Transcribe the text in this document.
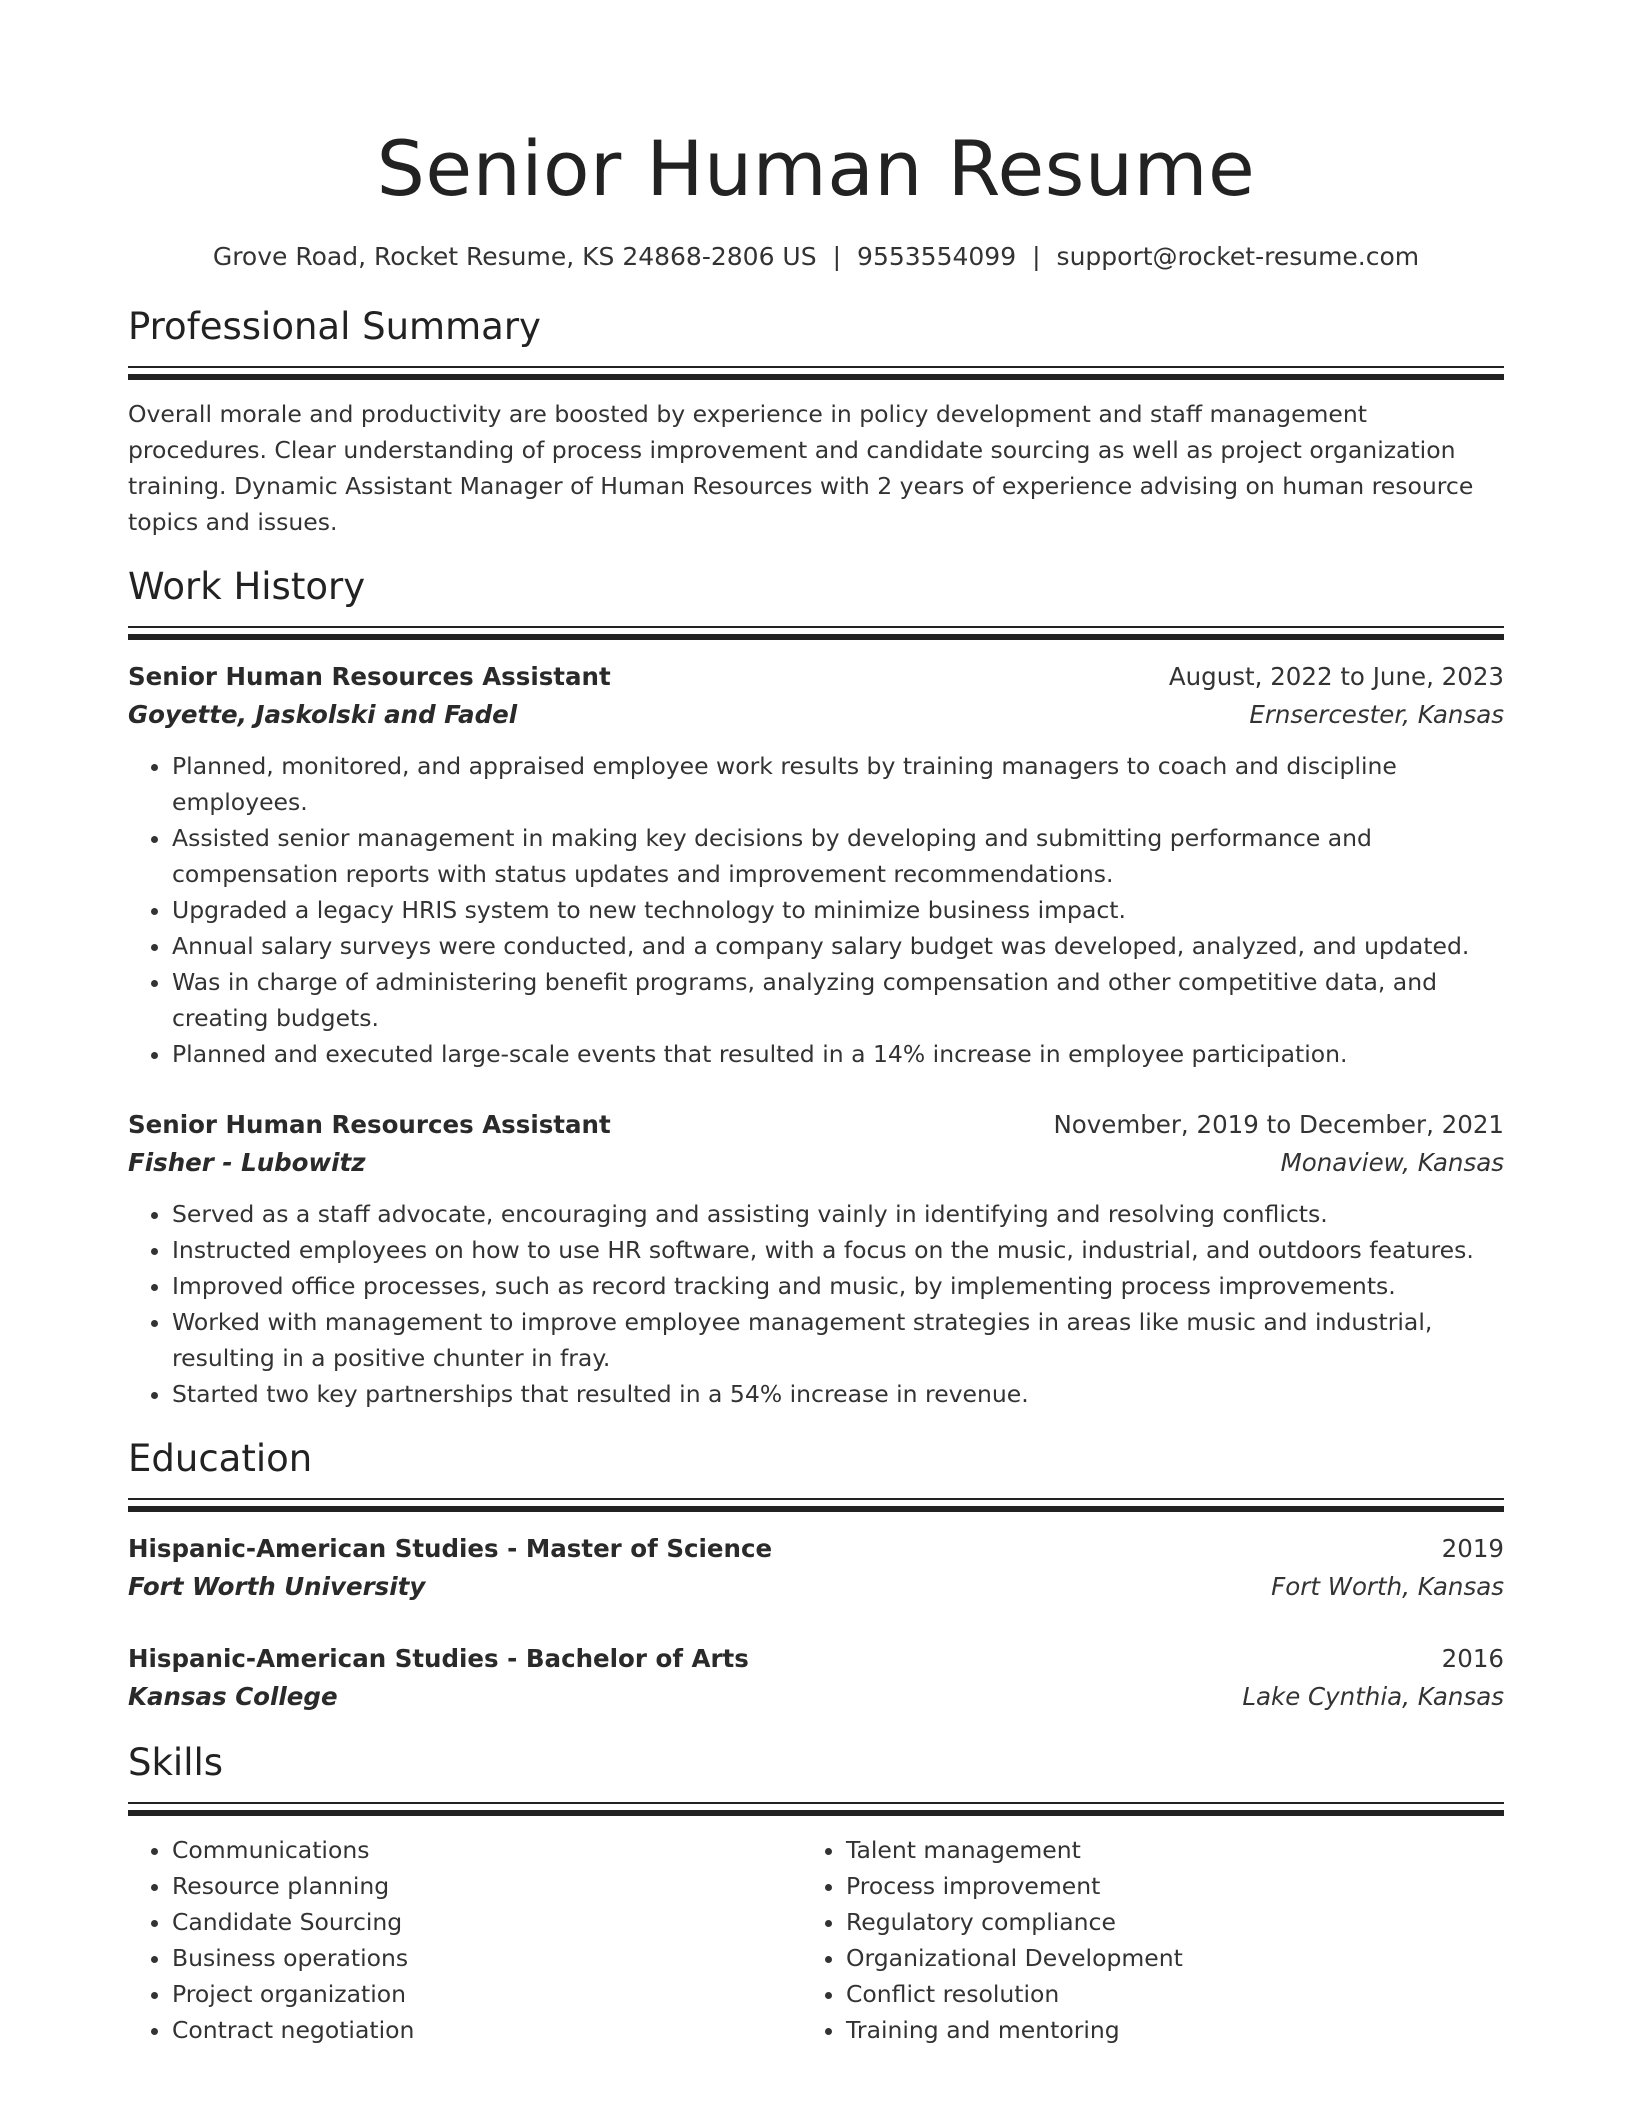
Senior Human Resume
Grove Road, Rocket Resume, KS 24868-2806 US | 9553554099 | support@rocket-resume.com
Professional Summary
Overall morale and productivity are boosted by experience in policy development and staff management procedures. Clear understanding of process improvement and candidate sourcing as well as project organization training. Dynamic Assistant Manager of Human Resources with 2 years of experience advising on human resource topics and issues.
Work History
Senior Human Resources Assistant	August, 2022 to June, 2023
Goyette, Jaskolski and Fadel	Ernsercester, Kansas
• Planned, monitored, and appraised employee work results by training managers to coach and discipline employees.
• Assisted senior management in making key decisions by developing and submitting performance and compensation reports with status updates and improvement recommendations.
• Upgraded a legacy HRIS system to new technology to minimize business impact.
• Annual salary surveys were conducted, and a company salary budget was developed, analyzed, and updated.
• Was in charge of administering benefit programs, analyzing compensation and other competitive data, and creating budgets.
• Planned and executed large-scale events that resulted in a 14% increase in employee participation.
Senior Human Resources Assistant	November, 2019 to December, 2021
Fisher - Lubowitz	Monaview, Kansas
• Served as a staff advocate, encouraging and assisting vainly in identifying and resolving conflicts.
• Instructed employees on how to use HR software, with a focus on the music, industrial, and outdoors features.
• Improved office processes, such as record tracking and music, by implementing process improvements.
• Worked with management to improve employee management strategies in areas like music and industrial, resulting in a positive chunter in fray.
• Started two key partnerships that resulted in a 54% increase in revenue.
Education
Hispanic-American Studies - Master of Science	2019
Fort Worth University	Fort Worth, Kansas
Hispanic-American Studies - Bachelor of Arts	2016
Kansas College	Lake Cynthia, Kansas
Skills
• Communications
• Resource planning
• Candidate Sourcing
• Business operations
• Project organization
• Contract negotiation
• Talent management
• Process improvement
• Regulatory compliance
• Organizational Development
• Conflict resolution
• Training and mentoring
